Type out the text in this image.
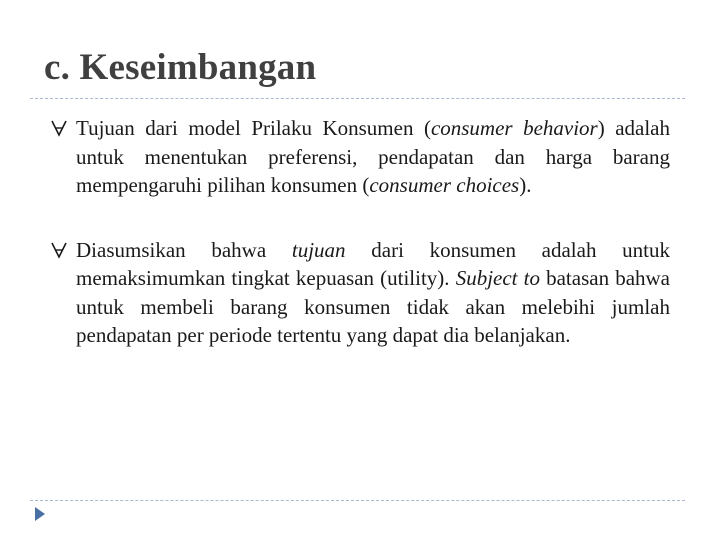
c. Keseimbangan
Tujuan dari model Prilaku Konsumen (consumer behavior) adalah untuk menentukan preferensi, pendapatan dan harga barang mempengaruhi pilihan konsumen (consumer choices).
Diasumsikan bahwa tujuan dari konsumen adalah untuk memaksimumkan tingkat kepuasan (utility). Subject to batasan bahwa untuk membeli barang konsumen tidak akan melebihi jumlah pendapatan per periode tertentu yang dapat dia belanjakan.
